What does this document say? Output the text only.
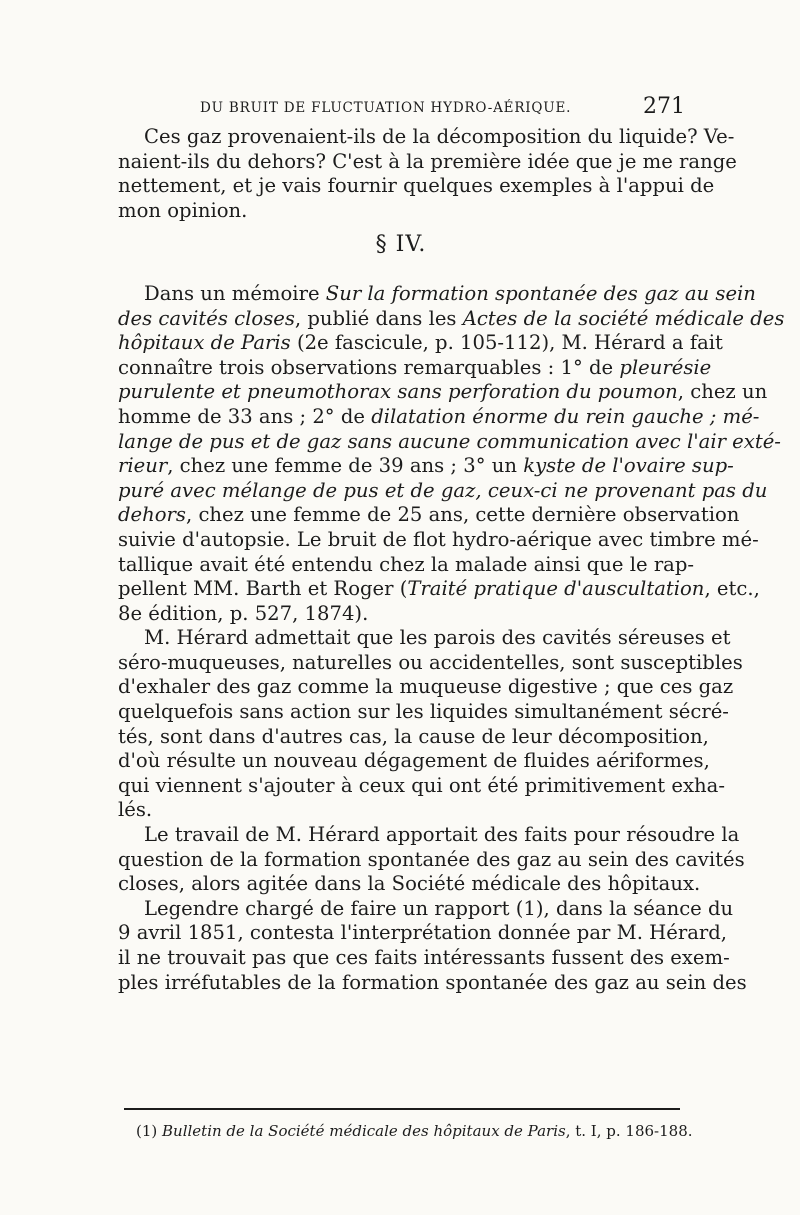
DU BRUIT DE FLUCTUATION HYDRO-AÉRIQUE.	271

Ces gaz provenaient-ils de la décomposition du liquide? Ve-
naient-ils du dehors? C'est à la première idée que je me range
nettement, et je vais fournir quelques exemples à l'appui de
mon opinion.

§ IV.

Dans un mémoire Sur la formation spontanée des gaz au sein
des cavités closes, publié dans les Actes de la société médicale des
hôpitaux de Paris (2e fascicule, p. 105-112), M. Hérard a fait
connaître trois observations remarquables : 1° de pleurésie
purulente et pneumothorax sans perforation du poumon, chez un
homme de 33 ans ; 2° de dilatation énorme du rein gauche ; mé-
lange de pus et de gaz sans aucune communication avec l'air exté-
rieur, chez une femme de 39 ans ; 3° un kyste de l'ovaire sup-
puré avec mélange de pus et de gaz, ceux-ci ne provenant pas du
dehors, chez une femme de 25 ans, cette dernière observation
suivie d'autopsie. Le bruit de flot hydro-aérique avec timbre mé-
tallique avait été entendu chez la malade ainsi que le rap-
pellent MM. Barth et Roger (Traité pratique d'auscultation, etc.,
8e édition, p. 527, 1874).

M. Hérard admettait que les parois des cavités séreuses et
séro-muqueuses, naturelles ou accidentelles, sont susceptibles
d'exhaler des gaz comme la muqueuse digestive ; que ces gaz
quelquefois sans action sur les liquides simultanément sécré-
tés, sont dans d'autres cas, la cause de leur décomposition,
d'où résulte un nouveau dégagement de fluides aériformes,
qui viennent s'ajouter à ceux qui ont été primitivement exha-
lés.

Le travail de M. Hérard apportait des faits pour résoudre la
question de la formation spontanée des gaz au sein des cavités
closes, alors agitée dans la Société médicale des hôpitaux.

Legendre chargé de faire un rapport (1), dans la séance du
9 avril 1851, contesta l'interprétation donnée par M. Hérard,
il ne trouvait pas que ces faits intéressants fussent des exem-
ples irréfutables de la formation spontanée des gaz au sein des

(1) Bulletin de la Société médicale des hôpitaux de Paris, t. I, p. 186-188.
